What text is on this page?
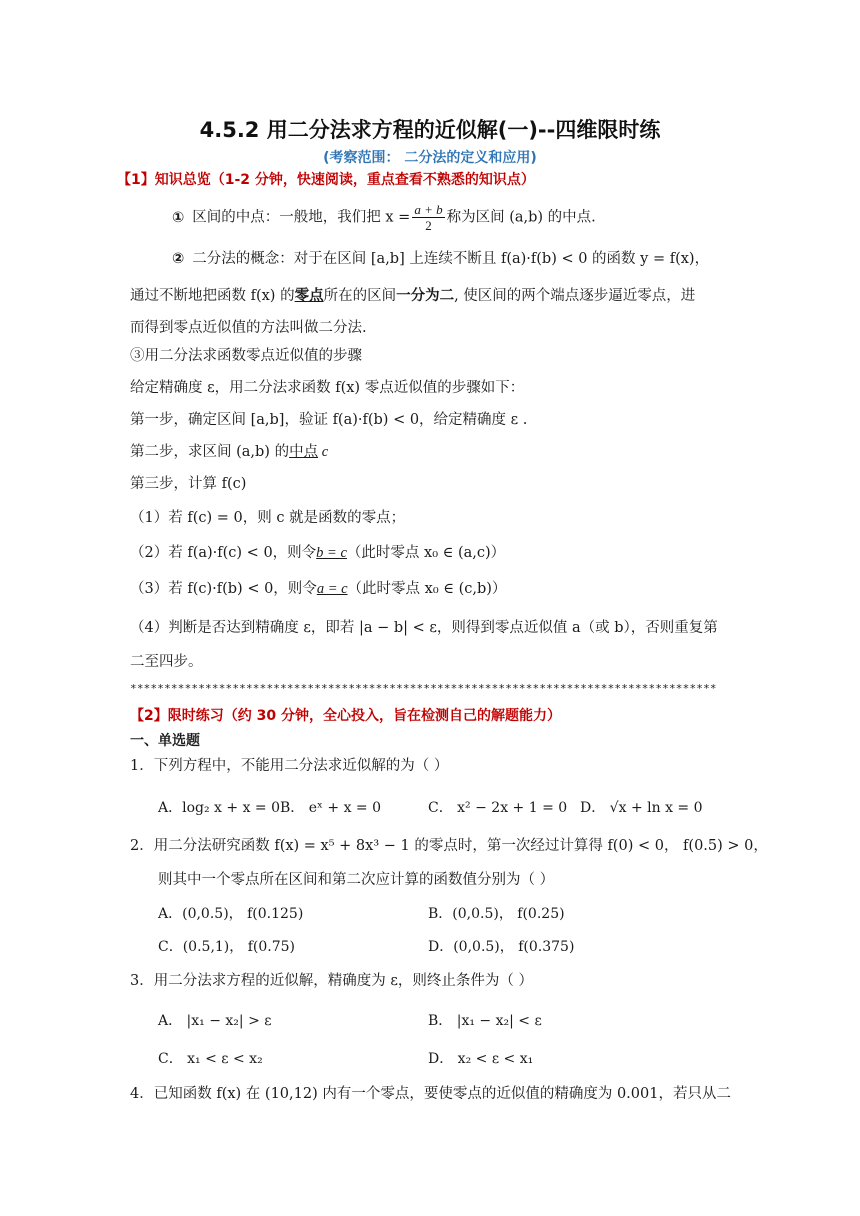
4.5.2 用二分法求方程的近似解(一)--四维限时练
(考察范围： 二分法的定义和应用)
【1】知识总览（1-2 分钟，快速阅读，重点查看不熟悉的知识点）
① 区间的中点：一般地，我们把 $x = \frac{a + b}{2}$ 称为区间 (a,b) 的中点.
② 二分法的概念：对于在区间 [a,b] 上连续不断且 f(a)·f(b) < 0 的函数 y = f(x)，
通过不断地把函数 f(x) 的零点所在的区间一分为二, 使区间的两个端点逐步逼近零点，进
而得到零点近似值的方法叫做二分法.
③用二分法求函数零点近似值的步骤
给定精确度 ε，用二分法求函数 f(x) 零点近似值的步骤如下：
第一步，确定区间 [a,b]，验证 f(a)·f(b) < 0，给定精确度 ε .
第二步，求区间 (a,b) 的中点 c
第三步，计算 f(c)
（1）若 f(c) = 0，则 c 就是函数的零点；
（2）若 f(a)·f(c) < 0，则令b = c（此时零点 x₀ ∈ (a,c)）
（3）若 f(c)·f(b) < 0，则令a = c（此时零点 x₀ ∈ (c,b)）
（4）判断是否达到精确度 ε，即若 |a − b| < ε，则得到零点近似值 a（或 b），否则重复第
二至四步。
**************************************************************************************
【2】限时练习（约 30 分钟，全心投入，旨在检测自己的解题能力）
一、单选题
1．下列方程中，不能用二分法求近似解的为（ ）
A．log₂ x + x = 0 B． eˣ + x = 0	C． x² − 2x + 1 = 0 D． √x + ln x = 0
2．用二分法研究函数 f(x) = x⁵ + 8x³ − 1 的零点时，第一次经过计算得 f(0) < 0， f(0.5) > 0，
则其中一个零点所在区间和第二次应计算的函数值分别为（ ）
A．(0,0.5)， f(0.125)	B．(0,0.5)， f(0.25)
C．(0.5,1)， f(0.75)	D．(0,0.5)， f(0.375)
3．用二分法求方程的近似解，精确度为 ε，则终止条件为（ ）
A． |x₁ − x₂| > ε	B． |x₁ − x₂| < ε
C． x₁ < ε < x₂	D． x₂ < ε < x₁
4．已知函数 f(x) 在 (10,12) 内有一个零点，要使零点的近似值的精确度为 0.001，若只从二
